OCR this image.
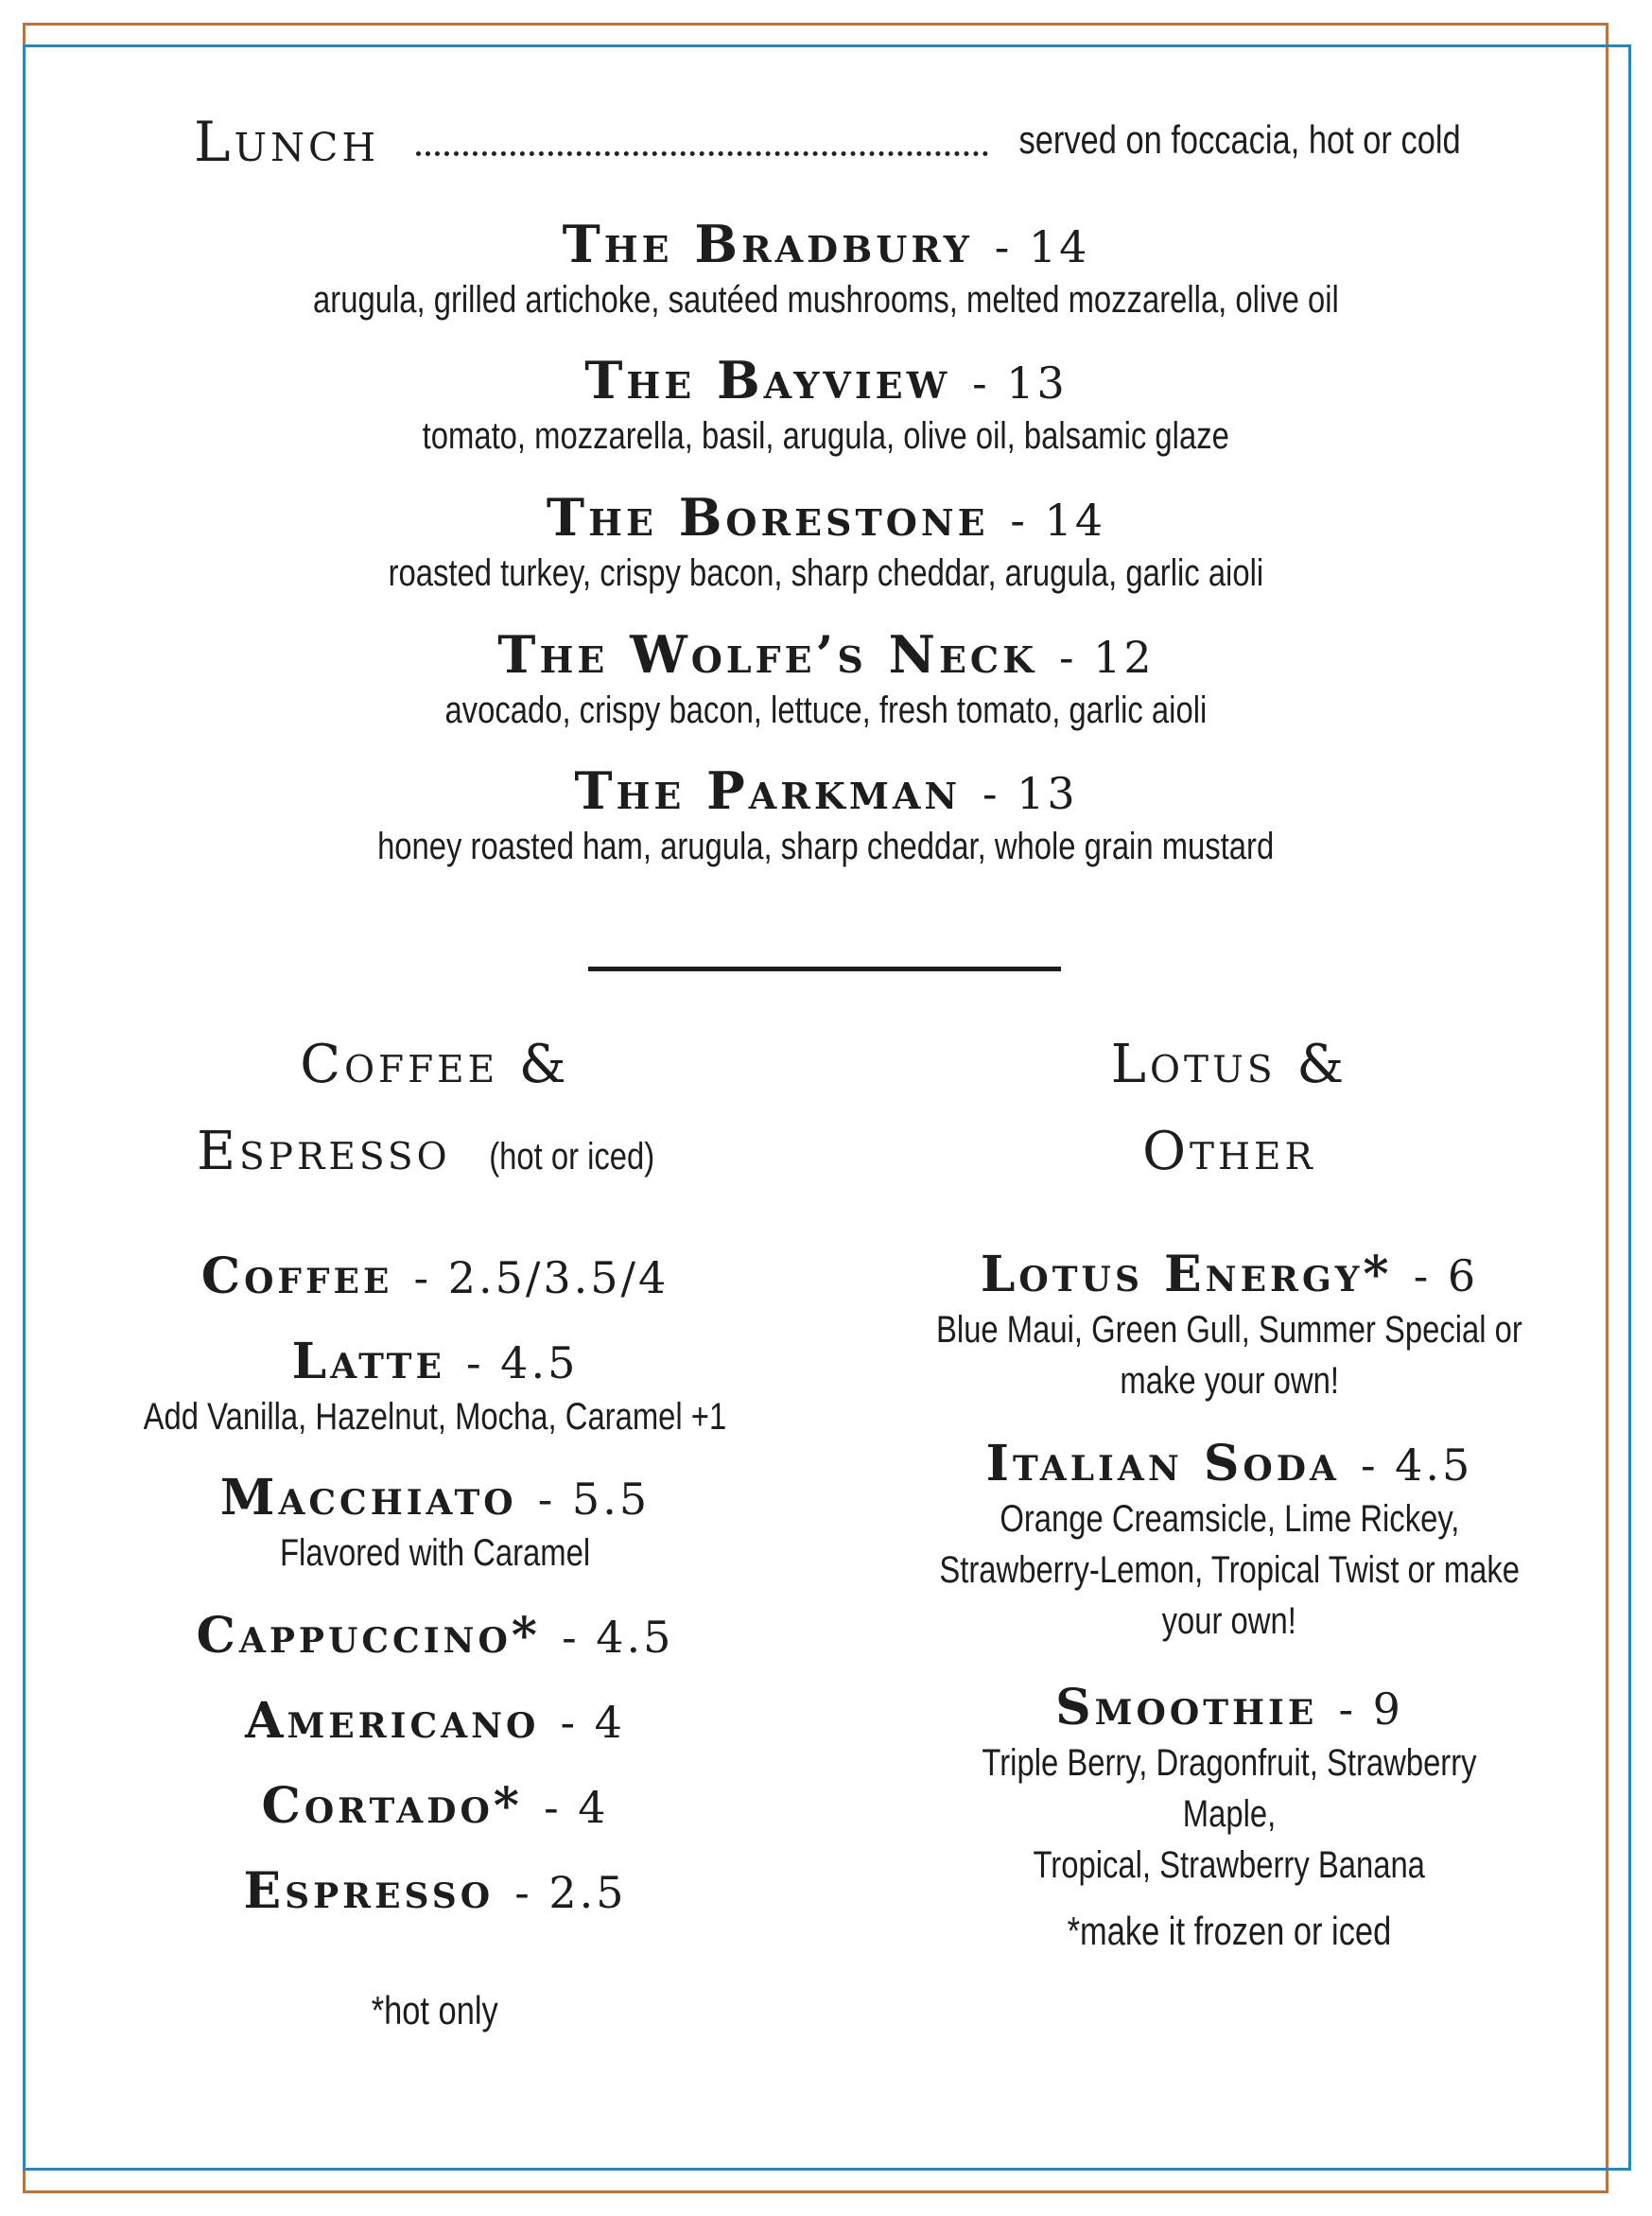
Lunch	served on foccacia, hot or cold
The Bradbury - 14
arugula, grilled artichoke, sautéed mushrooms, melted mozzarella, olive oil
The Bayview - 13
tomato, mozzarella, basil, arugula, olive oil, balsamic glaze
The Borestone - 14
roasted turkey, crispy bacon, sharp cheddar, arugula, garlic aioli
The Wolfe’s Neck - 12
avocado, crispy bacon, lettuce, fresh tomato, garlic aioli
The Parkman - 13
honey roasted ham, arugula, sharp cheddar, whole grain mustard
Coffee &
Espresso (hot or iced)
Coffee - 2.5/3.5/4
Latte - 4.5
Add Vanilla, Hazelnut, Mocha, Caramel +1
Macchiato - 5.5
Flavored with Caramel
Cappuccino* - 4.5
Americano - 4
Cortado* - 4
Espresso - 2.5
*hot only
Lotus &
Other
Lotus Energy* - 6
Blue Maui, Green Gull, Summer Special or
make your own!
Italian Soda - 4.5
Orange Creamsicle, Lime Rickey,
Strawberry-Lemon, Tropical Twist or make
your own!
Smoothie - 9
Triple Berry, Dragonfruit, Strawberry Maple,
Tropical, Strawberry Banana
*make it frozen or iced
